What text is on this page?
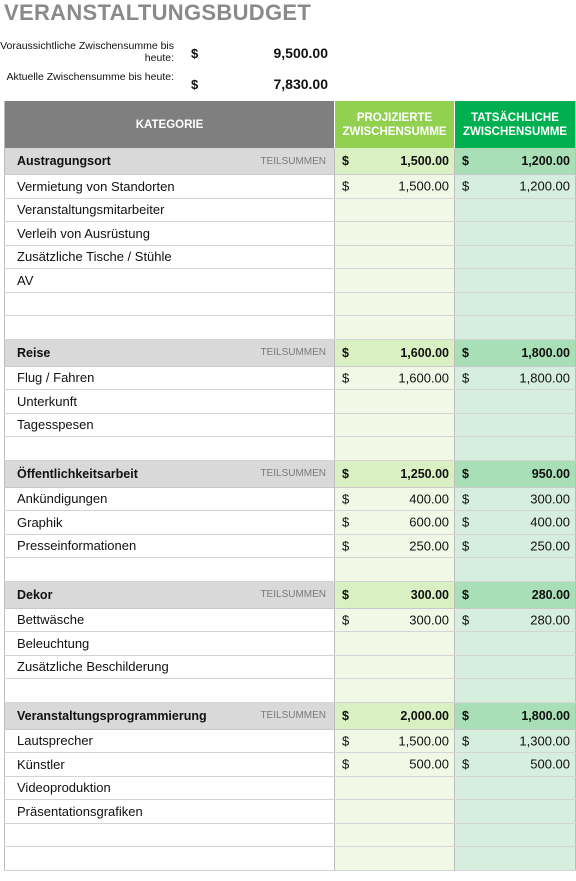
VERANSTALTUNGSBUDGET
Voraussichtliche Zwischensumme bis heute: $	9,500.00
Aktuelle Zwischensumme bis heute: $	7,830.00
KATEGORIE		PROJIZIERTE ZWISCHENSUMME	TATSÄCHLICHE ZWISCHENSUMME
Austragungsort	TEILSUMMEN	$ 1,500.00	$ 1,200.00

Vermietung von Standorten		$ 1,500.00	$ 1,200.00

Veranstaltungsmitarbeiter			
Verleih von Ausrüstung			
Zusätzliche Tische / Stühle			
AV			

Reise	TEILSUMMEN	$ 1,600.00	$ 1,800.00

Flug / Fahren		$ 1,600.00	$ 1,800.00

Unterkunft			
Tagesspesen			

Öffentlichkeitsarbeit	TEILSUMMEN	$ 1,250.00	$ 950.00

Ankündigungen		$ 400.00	$ 300.00

Graphik		$ 600.00	$ 400.00

Presseinformationen		$ 250.00	$ 250.00

Dekor	TEILSUMMEN	$ 300.00	$ 280.00

Bettwäsche		$ 300.00	$ 280.00

Beleuchtung			
Zusätzliche Beschilderung			

Veranstaltungsprogrammierung	TEILSUMMEN	$ 2,000.00	$ 1,800.00

Lautsprecher		$ 1,500.00	$ 1,300.00

Künstler		$ 500.00	$ 500.00

Videoproduktion			
Präsentationsgrafiken			
